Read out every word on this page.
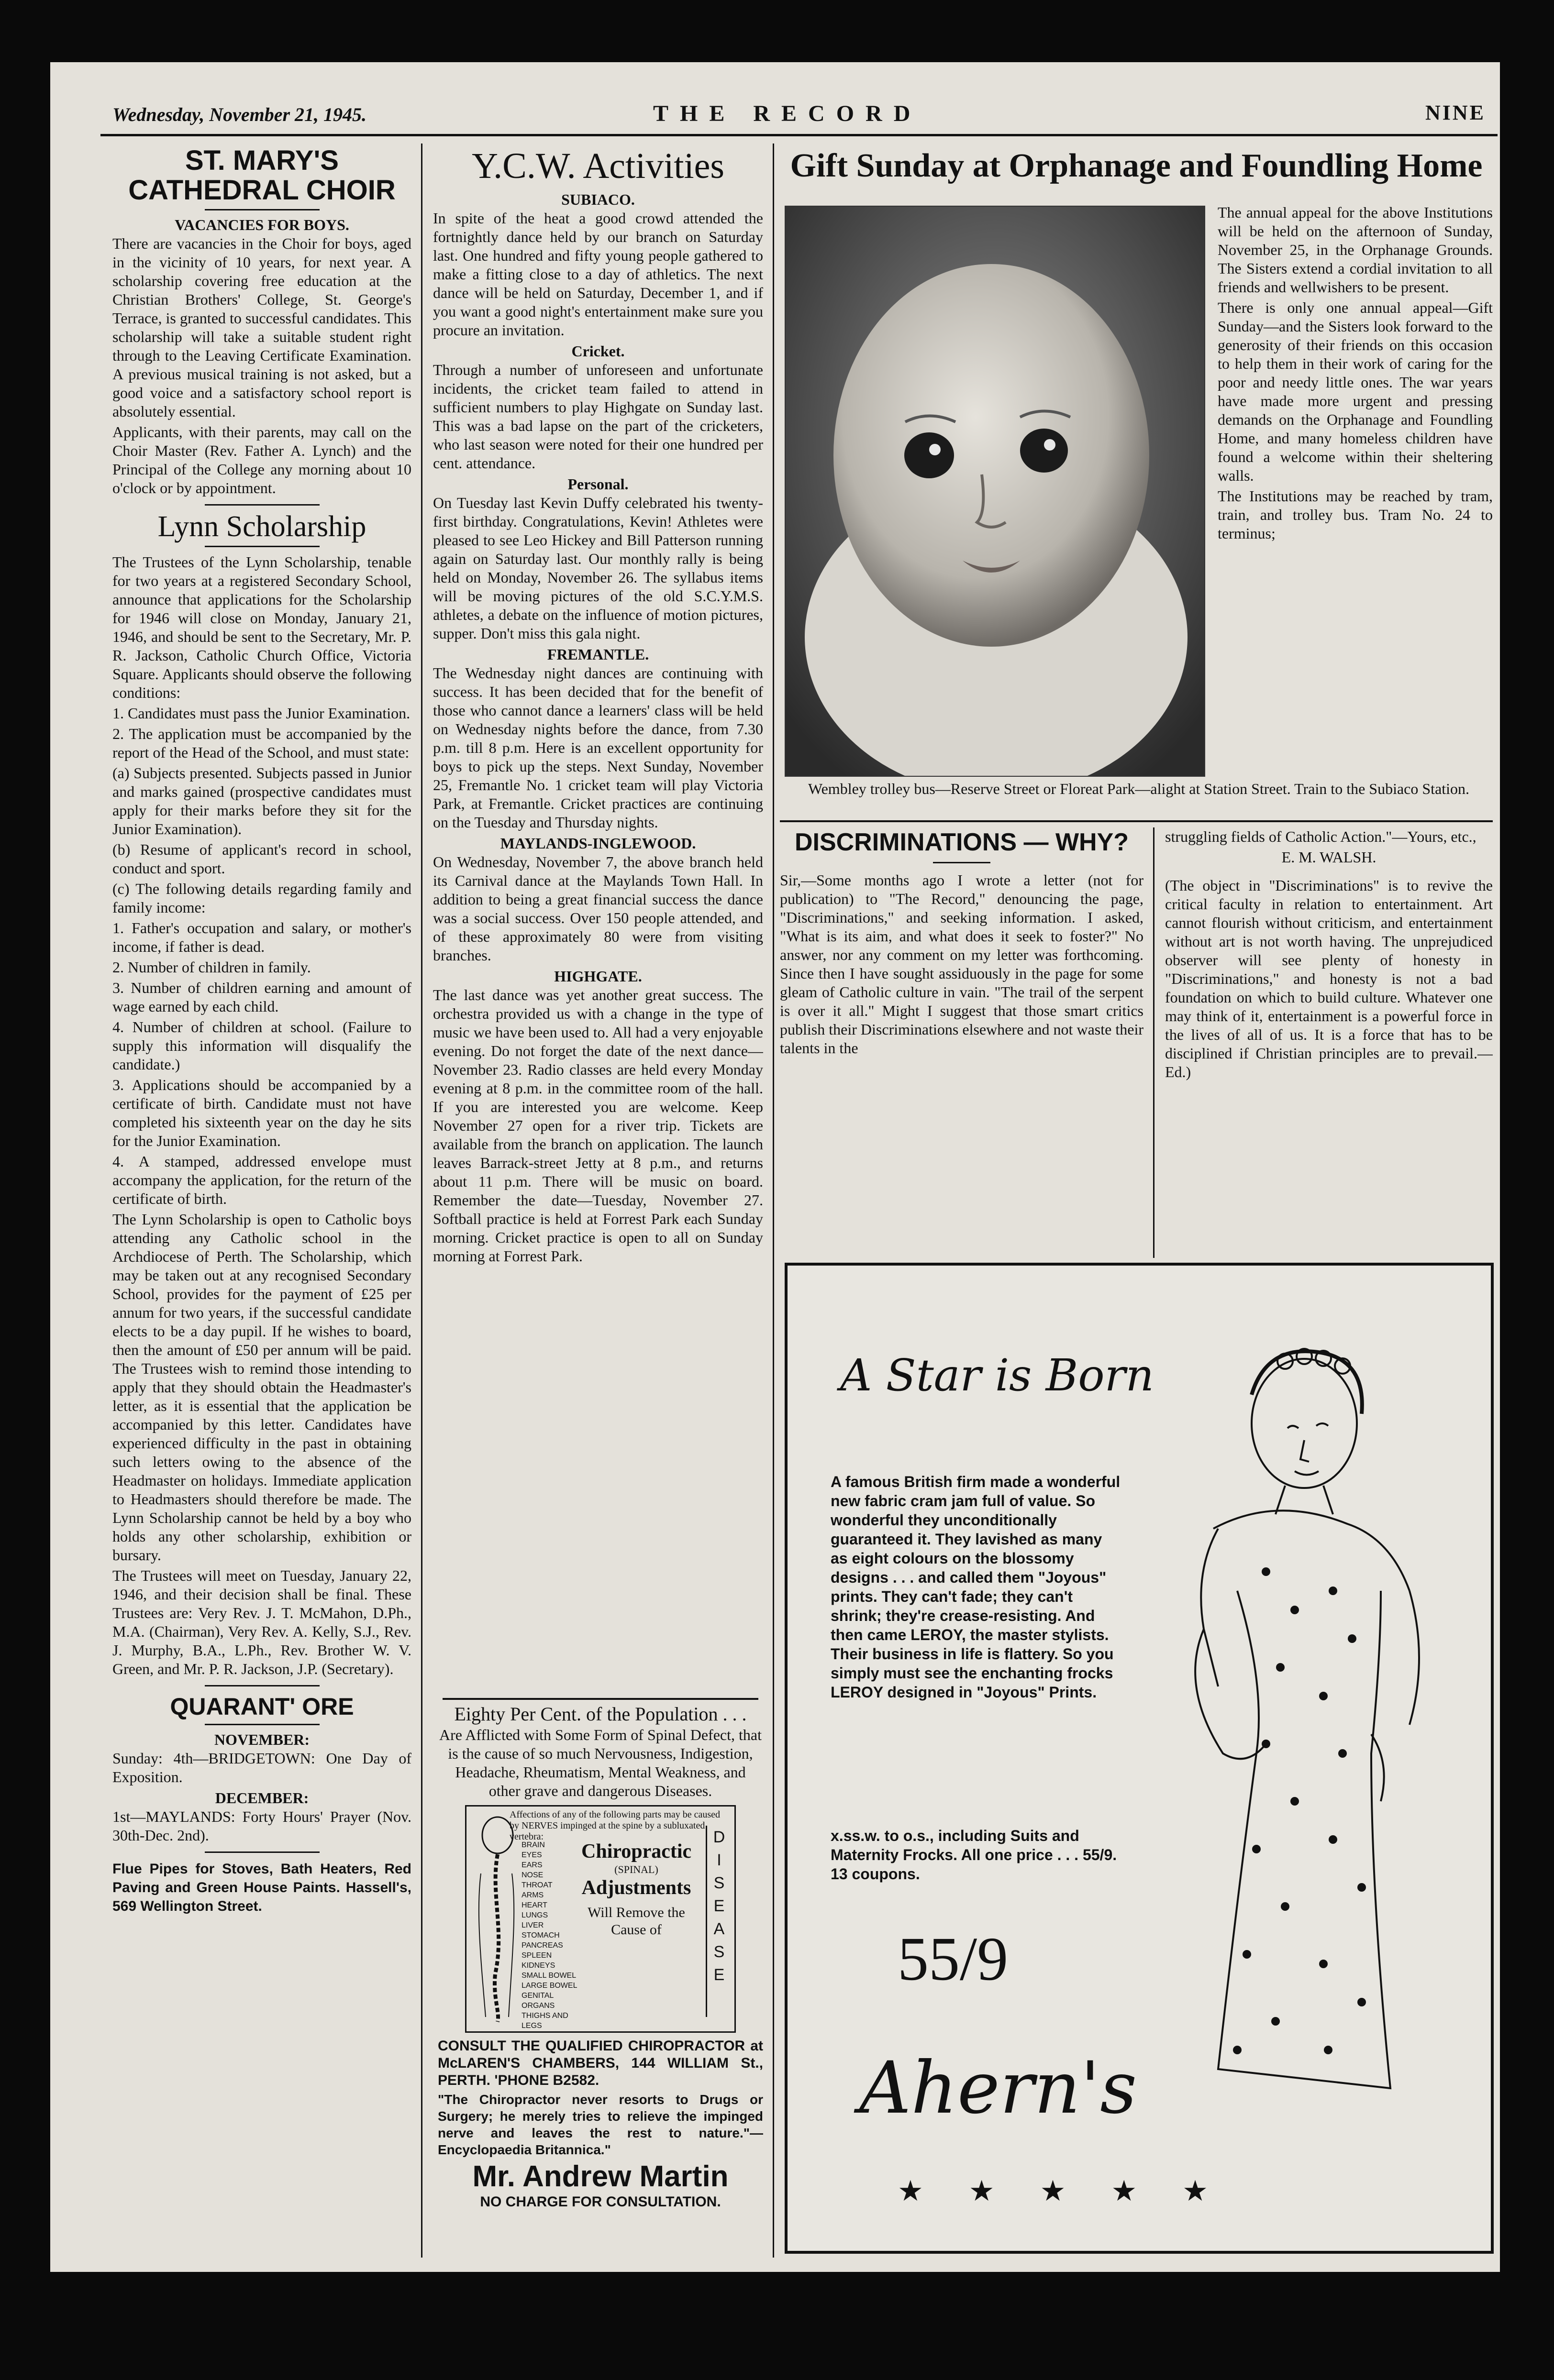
Wednesday, November 21, 1945.	THE RECORD	NINE
ST. MARY'S CATHEDRAL CHOIR
VACANCIES FOR BOYS.

There are vacancies in the Choir for boys, aged in the vicinity of 10 years, for next year. A scholarship covering free education at the Christian Brothers' College, St. George's Terrace, is granted to successful candidates. This scholarship will take a suitable student right through to the Leaving Certificate Examination. A previous musical training is not asked, but a good voice and a satisfactory school report is absolutely essential.

Applicants, with their parents, may call on the Choir Master (Rev. Father A. Lynch) and the Principal of the College any morning about 10 o'clock or by appointment.

Lynn Scholarship

The Trustees of the Lynn Scholarship, tenable for two years at a registered Secondary School, announce that applications for the Scholarship for 1946 will close on Monday, January 21, 1946, and should be sent to the Secretary, Mr. P. R. Jackson, Catholic Church Office, Victoria Square. Applicants should observe the following conditions:

1. Candidates must pass the Junior Examination.

2. The application must be accompanied by the report of the Head of the School, and must state:

(a) Subjects presented. Subjects passed in Junior and marks gained (prospective candidates must apply for their marks before they sit for the Junior Examination).

(b) Resume of applicant's record in school, conduct and sport.

(c) The following details regarding family and family income:

1. Father's occupation and salary, or mother's income, if father is dead.

2. Number of children in family.

3. Number of children earning and amount of wage earned by each child.

4. Number of children at school. (Failure to supply this information will disqualify the candidate.)

3. Applications should be accompanied by a certificate of birth. Candidate must not have completed his sixteenth year on the day he sits for the Junior Examination.

4. A stamped, addressed envelope must accompany the application, for the return of the certificate of birth.

The Lynn Scholarship is open to Catholic boys attending any Catholic school in the Archdiocese of Perth. The Scholarship, which may be taken out at any recognised Secondary School, provides for the payment of £25 per annum for two years, if the successful candidate elects to be a day pupil. If he wishes to board, then the amount of £50 per annum will be paid. The Trustees wish to remind those intending to apply that they should obtain the Headmaster's letter, as it is essential that the application be accompanied by this letter. Candidates have experienced difficulty in the past in obtaining such letters owing to the absence of the Headmaster on holidays. Immediate application to Headmasters should therefore be made. The Lynn Scholarship cannot be held by a boy who holds any other scholarship, exhibition or bursary.

The Trustees will meet on Tuesday, January 22, 1946, and their decision shall be final. These Trustees are: Very Rev. J. T. McMahon, D.Ph., M.A. (Chairman), Very Rev. A. Kelly, S.J., Rev. J. Murphy, B.A., L.Ph., Rev. Brother W. V. Green, and Mr. P. R. Jackson, J.P. (Secretary).

QUARANT' ORE
NOVEMBER:

Sunday: 4th—BRIDGETOWN: One Day of Exposition.

DECEMBER:

1st—MAYLANDS: Forty Hours' Prayer (Nov. 30th-Dec. 2nd).

Flue Pipes for Stoves, Bath Heaters, Red Paving and Green House Paints. Hassell's, 569 Wellington Street.

Y.C.W. Activities
SUBIACO.

In spite of the heat a good crowd attended the fortnightly dance held by our branch on Saturday last. One hundred and fifty young people gathered to make a fitting close to a day of athletics. The next dance will be held on Saturday, December 1, and if you want a good night's entertainment make sure you procure an invitation.

Cricket.

Through a number of unforeseen and unfortunate incidents, the cricket team failed to attend in sufficient numbers to play Highgate on Sunday last. This was a bad lapse on the part of the cricketers, who last season were noted for their one hundred per cent. attendance.

Personal.

On Tuesday last Kevin Duffy celebrated his twenty-first birthday. Congratulations, Kevin! Athletes were pleased to see Leo Hickey and Bill Patterson running again on Saturday last. Our monthly rally is being held on Monday, November 26. The syllabus items will be moving pictures of the old S.C.Y.M.S. athletes, a debate on the influence of motion pictures, supper. Don't miss this gala night.

FREMANTLE.

The Wednesday night dances are continuing with success. It has been decided that for the benefit of those who cannot dance a learners' class will be held on Wednesday nights before the dance, from 7.30 p.m. till 8 p.m. Here is an excellent opportunity for boys to pick up the steps. Next Sunday, November 25, Fremantle No. 1 cricket team will play Victoria Park, at Fremantle. Cricket practices are continuing on the Tuesday and Thursday nights.

MAYLANDS-INGLEWOOD.

On Wednesday, November 7, the above branch held its Carnival dance at the Maylands Town Hall. In addition to being a great financial success the dance was a social success. Over 150 people attended, and of these approximately 80 were from visiting branches.

HIGHGATE.

The last dance was yet another great success. The orchestra provided us with a change in the type of music we have been used to. All had a very enjoyable evening. Do not forget the date of the next dance—November 23. Radio classes are held every Monday evening at 8 p.m. in the committee room of the hall. If you are interested you are welcome. Keep November 27 open for a river trip. Tickets are available from the branch on application. The launch leaves Barrack-street Jetty at 8 p.m., and returns about 11 p.m. There will be music on board. Remember the date—Tuesday, November 27. Softball practice is held at Forrest Park each Sunday morning. Cricket practice is open to all on Sunday morning at Forrest Park.

Eighty Per Cent. of the Population . . .

Are Afflicted with Some Form of Spinal Defect, that is the cause of so much Nervousness, Indigestion, Headache, Rheumatism, Mental Weakness, and other grave and dangerous Diseases.

Affections of any of the following parts may be caused by NERVES impinged at the spine by a subluxated vertebra:
BRAIN
EYES
EARS
NOSE
THROAT
ARMS
HEART
LUNGS
LIVER
STOMACH
PANCREAS
SPLEEN
KIDNEYS
SMALL BOWEL
LARGE BOWEL
GENITAL ORGANS
THIGHS AND LEGS
Chiropractic
(SPINAL)
Adjustments
Will Remove the Cause of
D
I
S
E
A
S
E

CONSULT THE QUALIFIED CHIROPRACTOR at McLAREN'S CHAMBERS, 144 WILLIAM St., PERTH. 'PHONE B2582.

"The Chiropractor never resorts to Drugs or Surgery; he merely tries to relieve the impinged nerve and leaves the rest to nature."—Encyclopaedia Britannica."

Mr. Andrew Martin
NO CHARGE FOR CONSULTATION.
Gift Sunday at Orphanage and Foundling Home

The annual appeal for the above Institutions will be held on the afternoon of Sunday, November 25, in the Orphanage Grounds. The Sisters extend a cordial invitation to all friends and wellwishers to be present.

There is only one annual appeal—Gift Sunday—and the Sisters look forward to the generosity of their friends on this occasion to help them in their work of caring for the poor and needy little ones. The war years have made more urgent and pressing demands on the Orphanage and Foundling Home, and many homeless children have found a welcome within their sheltering walls.

The Institutions may be reached by tram, train, and trolley bus. Tram No. 24 to terminus;

Wembley trolley bus—Reserve Street or Floreat Park—alight at Station Street. Train to the Subiaco Station.
DISCRIMINATIONS — WHY?

Sir,—Some months ago I wrote a letter (not for publication) to "The Record," denouncing the page, "Discriminations," and seeking information. I asked, "What is its aim, and what does it seek to foster?" No answer, nor any comment on my letter was forthcoming. Since then I have sought assiduously in the page for some gleam of Catholic culture in vain. "The trail of the serpent is over it all." Might I suggest that those smart critics publish their Discriminations elsewhere and not waste their talents in the

struggling fields of Catholic Action."—Yours, etc.,

E. M. WALSH.

(The object in "Discriminations" is to revive the critical faculty in relation to entertainment. Art cannot flourish without criticism, and entertainment without art is not worth having. The unprejudiced observer will see plenty of honesty in "Discriminations," and honesty is not a bad foundation on which to build culture. Whatever one may think of it, entertainment is a powerful force in the lives of all of us. It is a force that has to be disciplined if Christian principles are to prevail.—Ed.)

A Star is Born

A famous British firm made a wonderful new fabric cram jam full of value. So wonderful they unconditionally guaranteed it. They lavished as many as eight colours on the blossomy designs . . . and called them "Joyous" prints. They can't fade; they can't shrink; they're crease-resisting. And then came LEROY, the master stylists. Their business in life is flattery. So you simply must see the enchanting frocks LEROY designed in "Joyous" Prints.

x.ss.w. to o.s., including Suits and Maternity Frocks. All one price . . . 55/9. 13 coupons.

55/9
Ahern's
★ ★ ★ ★ ★
